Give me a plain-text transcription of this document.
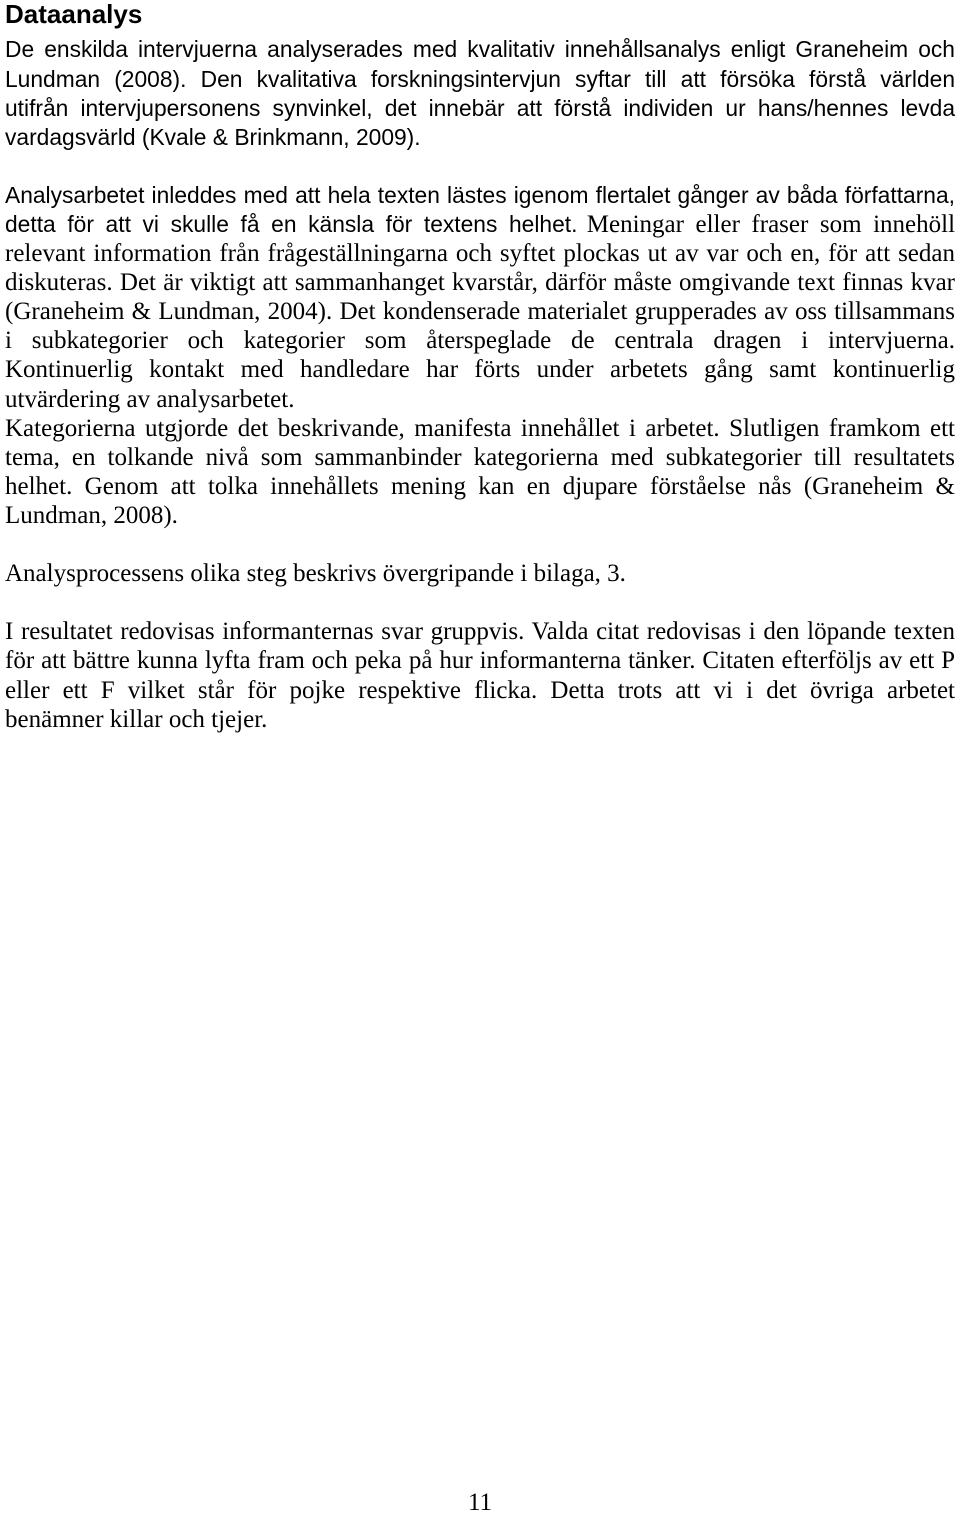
Dataanalys
De enskilda intervjuerna analyserades med kvalitativ innehållsanalys enligt Graneheim och
Lundman (2008). Den kvalitativa forskningsintervjun syftar till att försöka förstå världen
utifrån intervjupersonens synvinkel, det innebär att förstå individen ur hans/hennes levda
vardagsvärld (Kvale & Brinkmann, 2009).
Analysarbetet inleddes med att hela texten lästes igenom flertalet gånger av båda författarna,
detta för att vi skulle få en känsla för textens helhet. Meningar eller fraser som innehöll
relevant information från frågeställningarna och syftet plockas ut av var och en, för att sedan
diskuteras. Det är viktigt att sammanhanget kvarstår, därför måste omgivande text finnas kvar
(Graneheim & Lundman, 2004). Det kondenserade materialet grupperades av oss tillsammans
i subkategorier och kategorier som återspeglade de centrala dragen i intervjuerna.
Kontinuerlig kontakt med handledare har förts under arbetets gång samt kontinuerlig
utvärdering av analysarbetet.
Kategorierna utgjorde det beskrivande, manifesta innehållet i arbetet. Slutligen framkom ett
tema, en tolkande nivå som sammanbinder kategorierna med subkategorier till resultatets
helhet. Genom att tolka innehållets mening kan en djupare förståelse nås (Graneheim &
Lundman, 2008).
Analysprocessens olika steg beskrivs övergripande i bilaga, 3.
I resultatet redovisas informanternas svar gruppvis. Valda citat redovisas i den löpande texten
för att bättre kunna lyfta fram och peka på hur informanterna tänker. Citaten efterföljs av ett P
eller ett F vilket står för pojke respektive flicka. Detta trots att vi i det övriga arbetet
benämner killar och tjejer.
11
